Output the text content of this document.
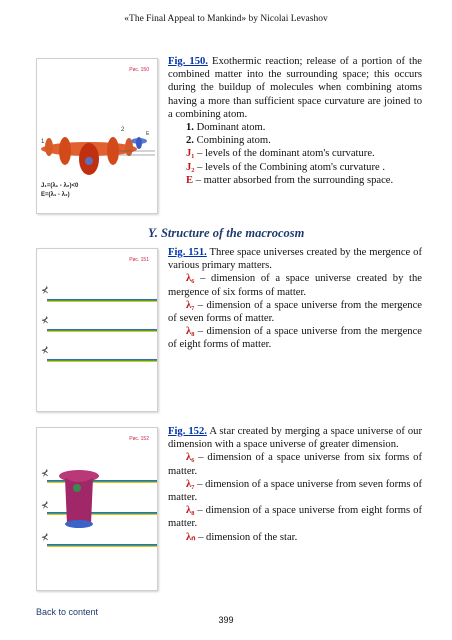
«The Final Appeal to Mankind» by Nicolai Levashov
Рис. 150
2
E
1
J₁=(λ₁ - λ₂)<0
E=(λ₁ - λ₂)

Fig. 150. Exothermic reaction; release of a portion of the combined matter into the surrounding space; this occurs during the buildup of molecules when combining atoms having a more than sufficient space curvature are joined to a combining atom.

1. Dominant atom.

2. Combining atom.

J₁ – levels of the dominant atom's curvature.

J₂ – levels of the Combining atom's curvature .

E – matter absorbed from the surrounding space.

Y. Structure of the macrocosm
Рис. 151
⊀
⊀
⊀

Fig. 151. Three space universes created by the mergence of various primary matters.

λ₆ – dimension of a space universe created by the mergence of six forms of matter.

λ₇ – dimension of a space universe from the mergence of seven forms of matter.

λ₈ – dimension of a space universe from the mergence of eight forms of matter.

Рис. 152
⊀
⊀
⊀

Fig. 152. A star created by merging a space universe of our dimension with a space universe of greater dimension.

λ₆ – dimension of a space universe from six forms of matter.

λ₇ – dimension of a space universe from seven forms of matter.

λ₈ – dimension of a space universe from eight forms of matter.

λₙ – dimension of the star.

Back to content
399
